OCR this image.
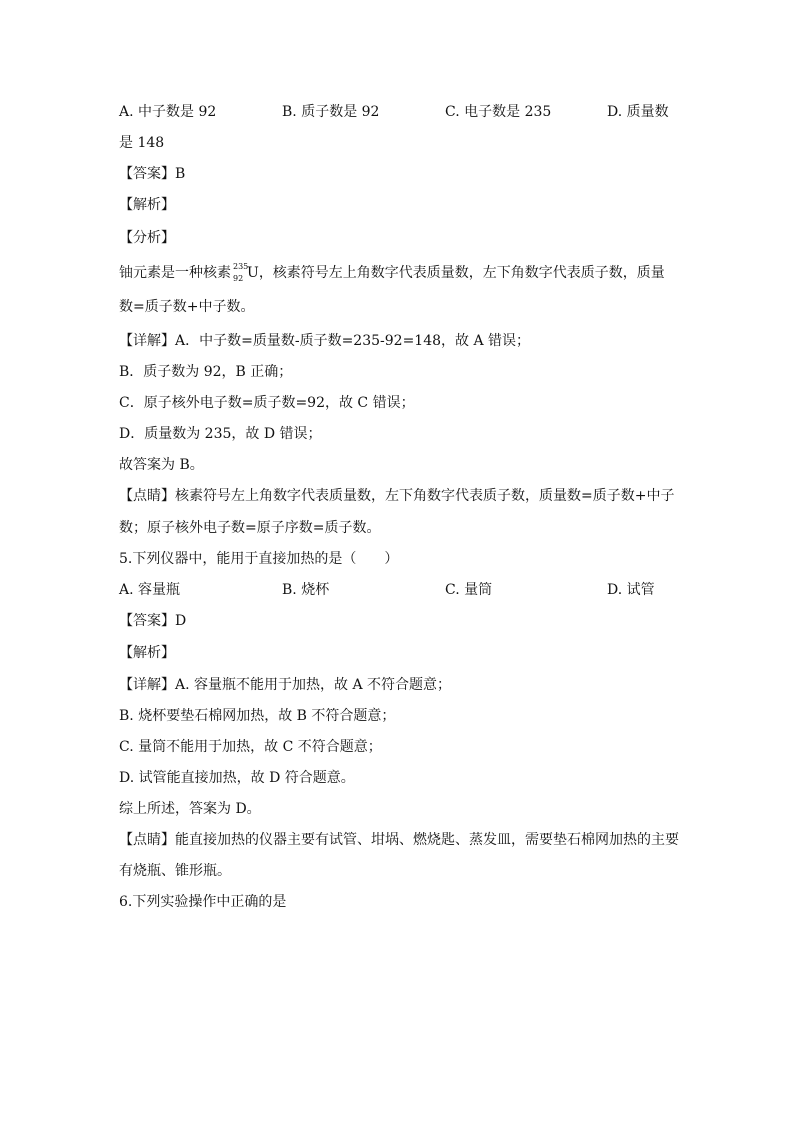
A. 中子数是 92	B. 质子数是 92	C. 电子数是 235	D. 质量数
是 148
【答案】B
【解析】
【分析】
铀元素是一种核素 235
92 U，核素符号左上角数字代表质量数，左下角数字代表质子数，质量
数=质子数+中子数。
【详解】A．中子数=质量数-质子数=235-92=148，故 A 错误；
B．质子数为 92，B 正确；
C．原子核外电子数=质子数=92，故 C 错误；
D．质量数为 235，故 D 错误；
故答案为 B。
【点睛】核素符号左上角数字代表质量数，左下角数字代表质子数，质量数=质子数+中子
数；原子核外电子数=原子序数=质子数。
5.下列仪器中，能用于直接加热的是（　　）
A. 容量瓶	B. 烧杯	C. 量筒	D. 试管
【答案】D
【解析】
【详解】A. 容量瓶不能用于加热，故 A 不符合题意；
B. 烧杯要垫石棉网加热，故 B 不符合题意；
C. 量筒不能用于加热，故 C 不符合题意；
D. 试管能直接加热，故 D 符合题意。
综上所述，答案为 D。
【点睛】能直接加热的仪器主要有试管、坩埚、燃烧匙、蒸发皿，需要垫石棉网加热的主要
有烧瓶、锥形瓶。
6.下列实验操作中正确的是
